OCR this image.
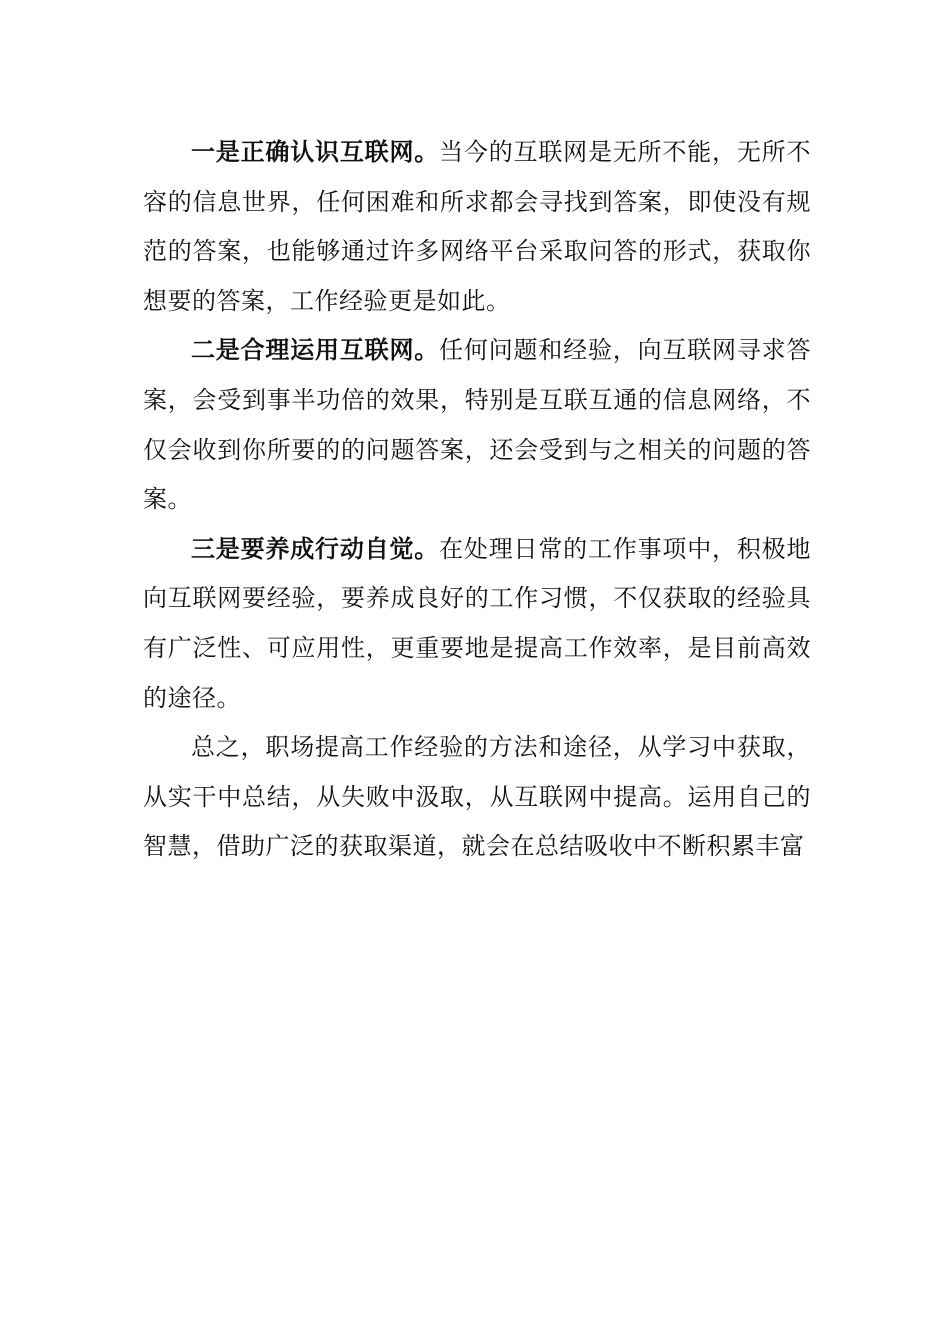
一是正确认识互联网。当今的互联网是无所不能，无所不容的信息世界，任何困难和所求都会寻找到答案，即使没有规范的答案，也能够通过许多网络平台采取问答的形式，获取你想要的答案，工作经验更是如此。

二是合理运用互联网。任何问题和经验，向互联网寻求答案，会受到事半功倍的效果，特别是互联互通的信息网络，不仅会收到你所要的的问题答案，还会受到与之相关的问题的答案。

三是要养成行动自觉。在处理日常的工作事项中，积极地向互联网要经验，要养成良好的工作习惯，不仅获取的经验具有广泛性、可应用性，更重要地是提高工作效率，是目前高效的途径。

总之，职场提高工作经验的方法和途径，从学习中获取，从实干中总结，从失败中汲取，从互联网中提高。运用自己的智慧，借助广泛的获取渠道，就会在总结吸收中不断积累丰富
